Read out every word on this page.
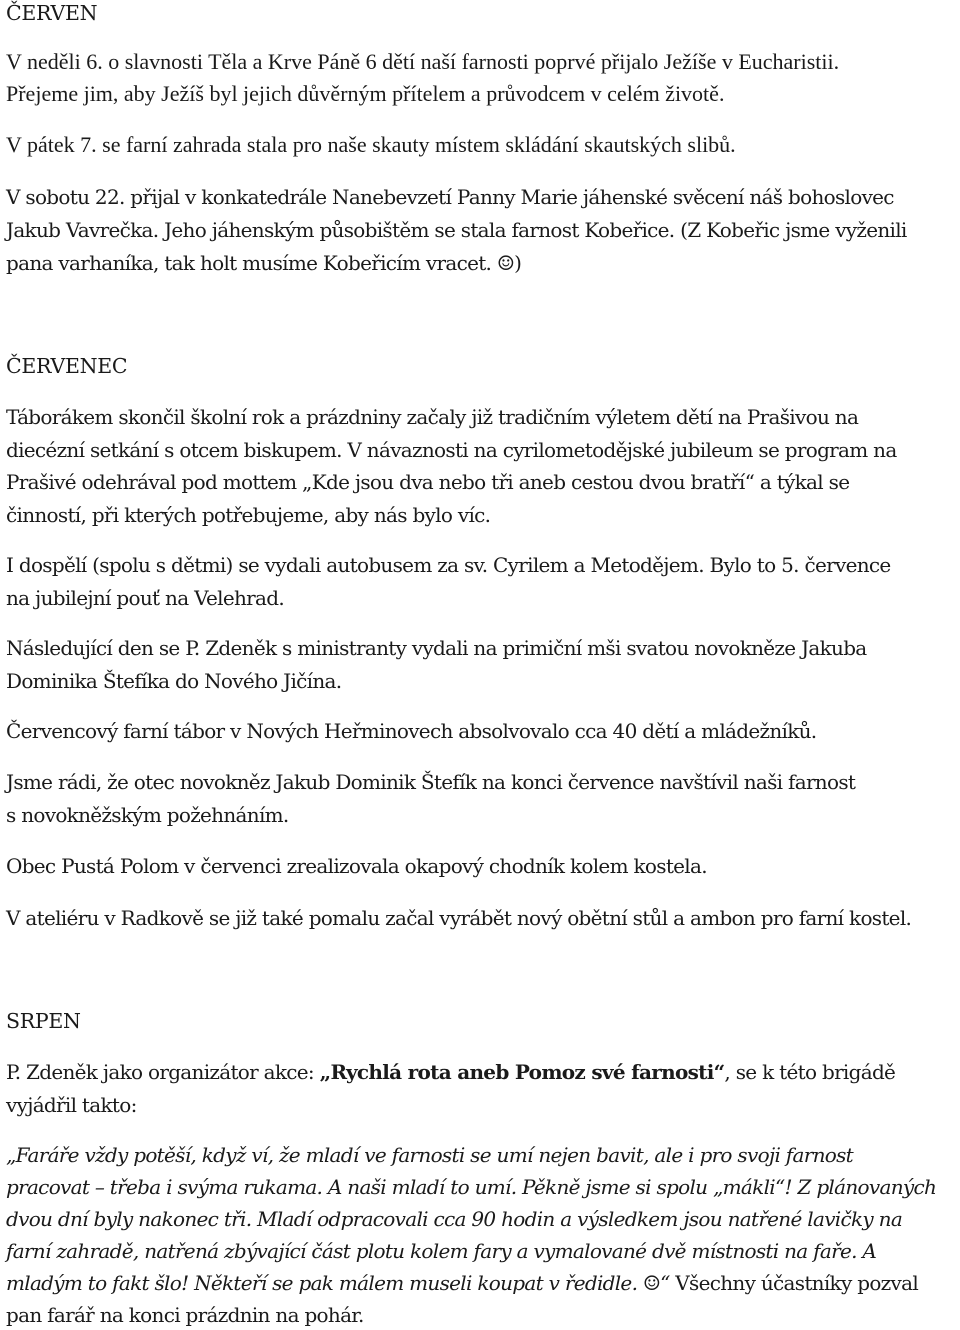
ČERVEN
V neděli 6. o slavnosti Těla a Krve Páně 6 dětí naší farnosti poprvé přijalo Ježíše v Eucharistii.
Přejeme jim, aby Ježíš byl jejich důvěrným přítelem a průvodcem v celém životě.
V pátek 7. se farní zahrada stala pro naše skauty místem skládání skautských slibů.
V sobotu 22. přijal v konkatedrále Nanebevzetí Panny Marie jáhenské svěcení náš bohoslovec
Jakub Vavrečka. Jeho jáhenským působištěm se stala farnost Kobeřice. (Z Kobeřic jsme vyženili
pana varhaníka, tak holt musíme Kobeřicím vracet. ☺)
ČERVENEC
Táborákem skončil školní rok a prázdniny začaly již tradičním výletem dětí na Prašivou na
diecézní setkání s otcem biskupem. V návaznosti na cyrilometodějské jubileum se program na
Prašivé odehrával pod mottem „Kde jsou dva nebo tři aneb cestou dvou bratří“ a týkal se
činností, při kterých potřebujeme, aby nás bylo víc.
I dospělí (spolu s dětmi) se vydali autobusem za sv. Cyrilem a Metodějem. Bylo to 5. července
na jubilejní pouť na Velehrad.
Následující den se P. Zdeněk s ministranty vydali na primiční mši svatou novokněze Jakuba
Dominika Štefíka do Nového Jičína.
Červencový farní tábor v Nových Heřminovech absolvovalo cca 40 dětí a mládežníků.
Jsme rádi, že otec novokněz Jakub Dominik Štefík na konci července navštívil naši farnost
s novokněžským požehnáním.
Obec Pustá Polom v červenci zrealizovala okapový chodník kolem kostela.
V ateliéru v Radkově se již také pomalu začal vyrábět nový obětní stůl a ambon pro farní kostel.
SRPEN
P. Zdeněk jako organizátor akce: „Rychlá rota aneb Pomoz své farnosti“, se k této brigádě
vyjádřil takto:
„Faráře vždy potěší, když ví, že mladí ve farnosti se umí nejen bavit, ale i pro svoji farnost
pracovat – třeba i svýma rukama. A naši mladí to umí. Pěkně jsme si spolu „mákli“! Z plánovaných
dvou dní byly nakonec tři. Mladí odpracovali cca 90 hodin a výsledkem jsou natřené lavičky na
farní zahradě, natřená zbývající část plotu kolem fary a vymalované dvě místnosti na faře. A
mladým to fakt šlo! Někteří se pak málem museli koupat v ředidle. ☺“ Všechny účastníky pozval
pan farář na konci prázdnin na pohár.
